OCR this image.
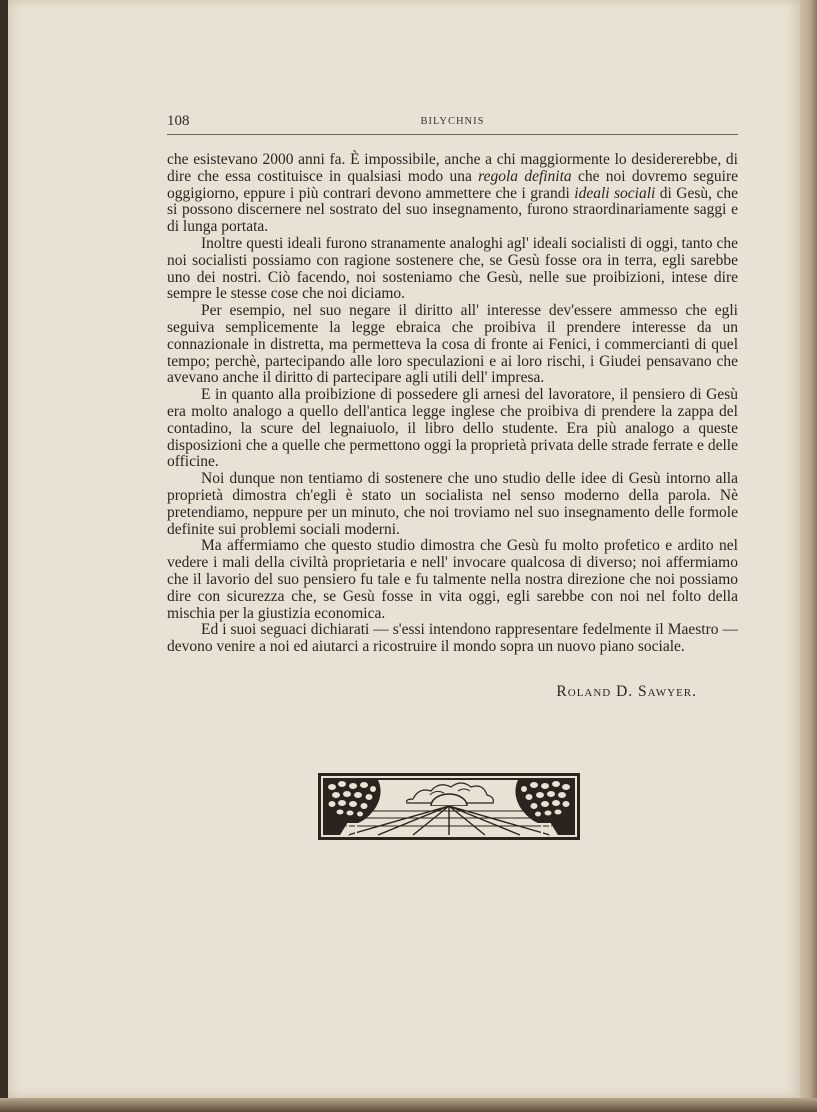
108	BILYCHNIS

che esistevano 2000 anni fa. È impossibile, anche a chi maggiormente lo desidererebbe, di dire che essa costituisce in qualsiasi modo una regola definita che noi dovremo seguire oggigiorno, eppure i più contrari devono ammettere che i grandi ideali sociali di Gesù, che si possono discernere nel sostrato del suo insegnamento, furono straordinariamente saggi e di lunga portata.

Inoltre questi ideali furono stranamente analoghi agl' ideali socialisti di oggi, tanto che noi socialisti possiamo con ragione sostenere che, se Gesù fosse ora in terra, egli sarebbe uno dei nostri. Ciò facendo, noi sosteniamo che Gesù, nelle sue proibizioni, intese dire sempre le stesse cose che noi diciamo.

Per esempio, nel suo negare il diritto all' interesse dev'essere ammesso che egli seguiva semplicemente la legge ebraica che proibiva il prendere interesse da un connazionale in distretta, ma permetteva la cosa di fronte ai Fenici, i commercianti di quel tempo; perchè, partecipando alle loro speculazioni e ai loro rischi, i Giudei pensavano che avevano anche il diritto di partecipare agli utili dell' impresa.

E in quanto alla proibizione di possedere gli arnesi del lavoratore, il pensiero di Gesù era molto analogo a quello dell'antica legge inglese che proibiva di prendere la zappa del contadino, la scure del legnaiuolo, il libro dello studente. Era più analogo a queste disposizioni che a quelle che permettono oggi la proprietà privata delle strade ferrate e delle officine.

Noi dunque non tentiamo di sostenere che uno studio delle idee di Gesù intorno alla proprietà dimostra ch'egli è stato un socialista nel senso moderno della parola. Nè pretendiamo, neppure per un minuto, che noi troviamo nel suo insegnamento delle formole definite sui problemi sociali moderni.

Ma affermiamo che questo studio dimostra che Gesù fu molto profetico e ardito nel vedere i mali della civiltà proprietaria e nell' invocare qualcosa di diverso; noi affermiamo che il lavorio del suo pensiero fu tale e fu talmente nella nostra direzione che noi possiamo dire con sicurezza che, se Gesù fosse in vita oggi, egli sarebbe con noi nel folto della mischia per la giustizia economica.

Ed i suoi seguaci dichiarati — s'essi intendono rappresentare fedelmente il Maestro — devono venire a noi ed aiutarci a ricostruire il mondo sopra un nuovo piano sociale.

Roland D. Sawyer.
